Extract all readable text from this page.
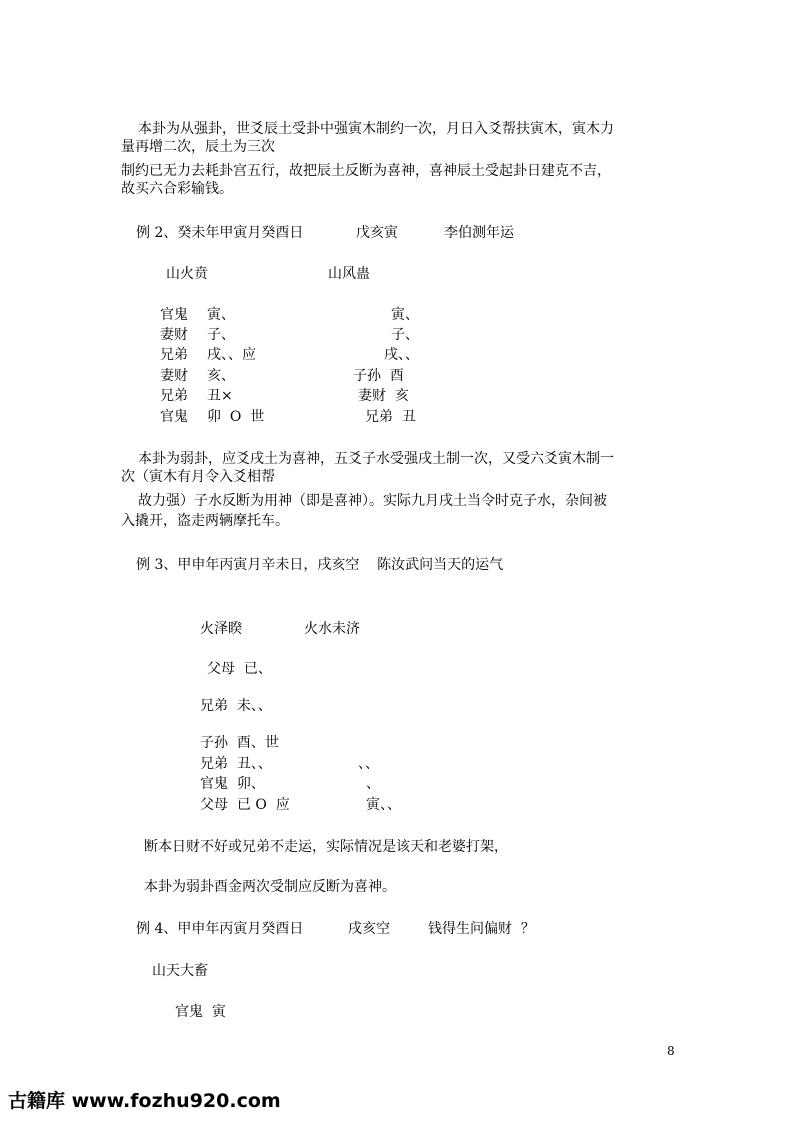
本卦为从强卦，世爻辰土受卦中强寅木制约一次，月日入爻帮扶寅木，寅木力
量再增二次，辰土为三次
制约已无力去耗卦宫五行，故把辰土反断为喜神，喜神辰土受起卦日建克不吉，
故买六合彩输钱。
例 2、癸未年甲寅月癸酉日	戊亥寅	李伯测年运
山火贲	山风蛊
官鬼 寅、	寅、
妻财 子、	子、
兄弟 戌、、应	戌、、
妻财 亥、	子孙  酉
兄弟 丑×	妻财  亥
官鬼 卯  O  世	兄弟  丑
本卦为弱卦，应爻戌土为喜神，五爻子水受强戌土制一次，又受六爻寅木制一
次（寅木有月令入爻相帮
故力强）子水反断为用神（即是喜神）。实际九月戌土当令时克子水，杂间被
入撬开，盗走两辆摩托车。
例 3、甲申年丙寅月辛未日，戌亥空    陈汝武问当天的运气
火泽睽	火水未济
父母  已、
兄弟  未、、
子孙  酉、世
兄弟  丑、、	、、
官鬼  卯、	、
父母  已 O  应	寅、、
断本日财不好或兄弟不走运，实际情况是该天和老婆打架，
本卦为弱卦酉金两次受制应反断为喜神。
例 4、甲申年丙寅月癸酉日	戌亥空	钱得生问偏财  ？
山天大畜
官鬼  寅
8
古籍库 www.fozhu920.com
